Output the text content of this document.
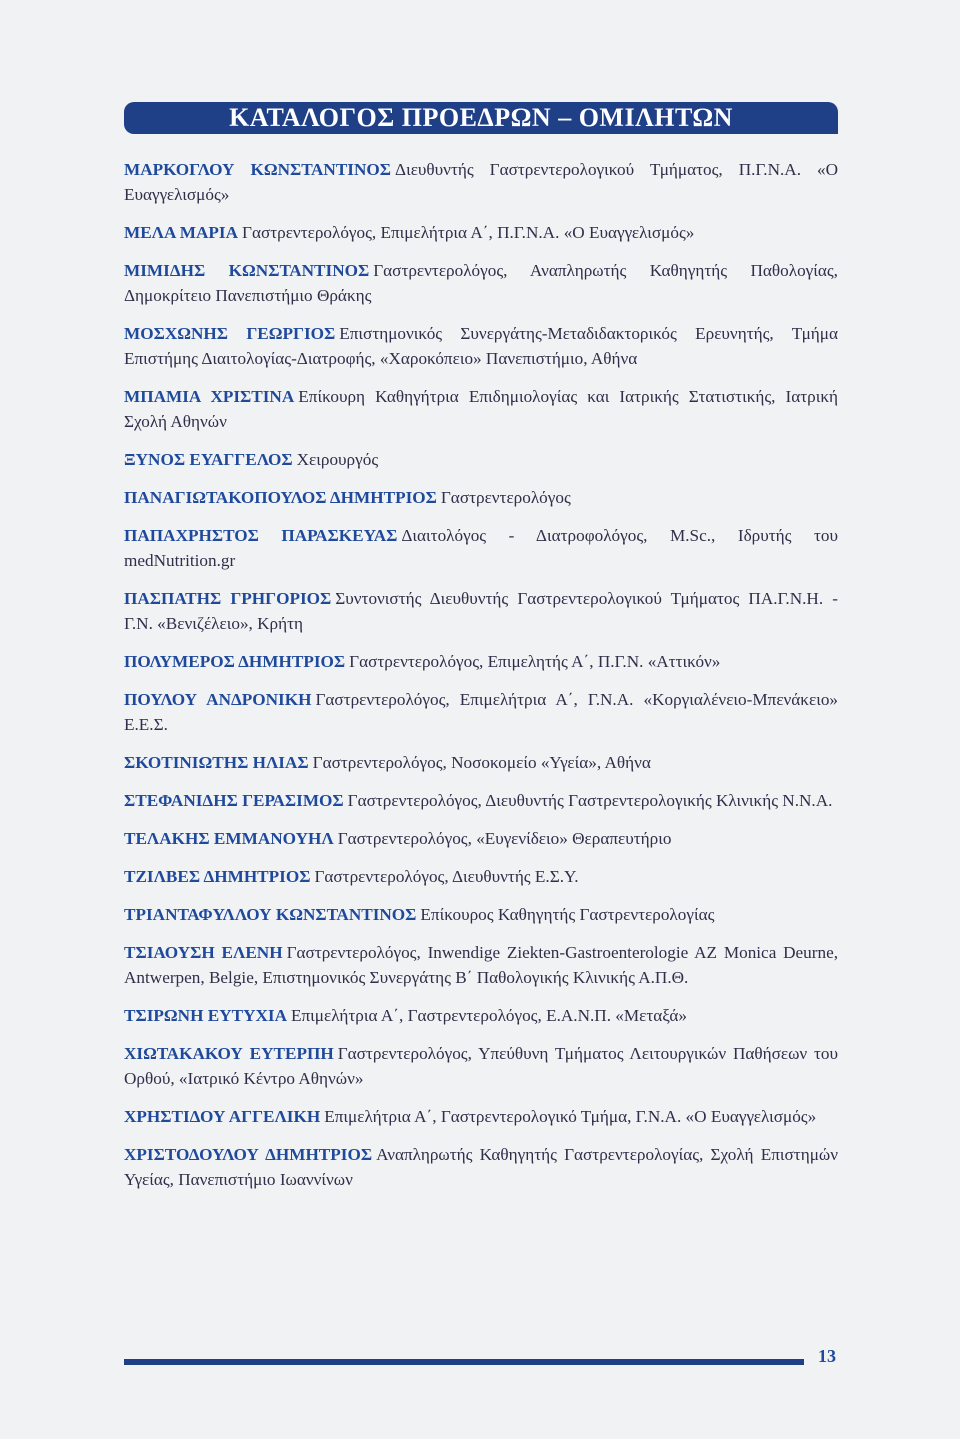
ΚΑΤΑΛΟΓΟΣ ΠΡΟΕΔΡΩΝ – ΟΜΙΛΗΤΩΝ
ΜΑΡΚΟΓΛΟΥ ΚΩΝΣΤΑΝΤΙΝΟΣ Διευθυντής Γαστρεντερολογικού Τμήματος, Π.Γ.Ν.Α. «Ο Ευαγγελισμός»
ΜΕΛΑ ΜΑΡΙΑ Γαστρεντερολόγος, Επιμελήτρια Α΄, Π.Γ.Ν.Α. «Ο Ευαγγελισμός»
ΜΙΜΙΔΗΣ ΚΩΝΣΤΑΝΤΙΝΟΣ Γαστρεντερολόγος, Αναπληρωτής Καθηγητής Παθολογίας, Δημοκρίτειο Πανεπιστήμιο Θράκης
ΜΟΣΧΩΝΗΣ ΓΕΩΡΓΙΟΣ Επιστημονικός Συνεργάτης-Μεταδιδακτορικός Ερευνητής, Τμήμα Επιστήμης Διαιτολογίας-Διατροφής, «Χαροκόπειο» Πανεπιστήμιο, Αθήνα
ΜΠΑΜΙΑ ΧΡΙΣΤΙΝΑ Επίκουρη Καθηγήτρια Επιδημιολογίας και Ιατρικής Στατιστικής, Ιατρική Σχολή Αθηνών
ΞΥΝΟΣ ΕΥΑΓΓΕΛΟΣ Χειρουργός
ΠΑΝΑΓΙΩΤΑΚΟΠΟΥΛΟΣ ΔΗΜΗΤΡΙΟΣ Γαστρεντερολόγος
ΠΑΠΑΧΡΗΣΤΟΣ ΠΑΡΑΣΚΕΥΑΣ Διαιτολόγος - Διατροφολόγος, M.Sc., Ιδρυτής του medNutrition.gr
ΠΑΣΠΑΤΗΣ ΓΡΗΓΟΡΙΟΣ Συντονιστής Διευθυντής Γαστρεντερολογικού Τμήματος ΠΑ.Γ.Ν.Η. - Γ.Ν. «Βενιζέλειο», Κρήτη
ΠΟΛΥΜΕΡΟΣ ΔΗΜΗΤΡΙΟΣ Γαστρεντερολόγος, Επιμελητής Α΄, Π.Γ.Ν. «Αττικόν»
ΠΟΥΛΟΥ ΑΝΔΡΟΝΙΚΗ Γαστρεντερολόγος, Επιμελήτρια Α΄, Γ.Ν.Α. «Κοργιαλένειο-Μπενάκειο» Ε.Ε.Σ.
ΣΚΟΤΙΝΙΩΤΗΣ ΗΛΙΑΣ Γαστρεντερολόγος, Νοσοκομείο «Υγεία», Αθήνα
ΣΤΕΦΑΝΙΔΗΣ ΓΕΡΑΣΙΜΟΣ Γαστρεντερολόγος, Διευθυντής Γαστρεντερολογικής Κλινικής Ν.Ν.Α.
ΤΕΛΑΚΗΣ ΕΜΜΑΝΟΥΗΛ Γαστρεντερολόγος, «Ευγενίδειο» Θεραπευτήριο
ΤΖΙΛΒΕΣ ΔΗΜΗΤΡΙΟΣ Γαστρεντερολόγος, Διευθυντής Ε.Σ.Υ.
ΤΡΙΑΝΤΑΦΥΛΛΟΥ ΚΩΝΣΤΑΝΤΙΝΟΣ Επίκουρος Καθηγητής Γαστρεντερολογίας
ΤΣΙΑΟΥΣΗ ΕΛΕΝΗ Γαστρεντερολόγος, Inwendige Ziekten-Gastroenterologie AZ Monica Deurne, Antwerpen, Belgie, Επιστημονικός Συνεργάτης Β΄ Παθολογικής Κλινικής Α.Π.Θ.
ΤΣΙΡΩΝΗ ΕΥΤΥΧΙΑ Επιμελήτρια Α΄, Γαστρεντερολόγος, Ε.Α.Ν.Π. «Μεταξά»
ΧΙΩΤΑΚΑΚΟΥ ΕΥΤΕΡΠΗ Γαστρεντερολόγος, Υπεύθυνη Τμήματος Λειτουργικών Παθήσεων του Ορθού, «Ιατρικό Κέντρο Αθηνών»
ΧΡΗΣΤΙΔΟΥ ΑΓΓΕΛΙΚΗ Επιμελήτρια Α΄, Γαστρεντερολογικό Τμήμα, Γ.Ν.Α. «Ο Ευαγγελισμός»
ΧΡΙΣΤΟΔΟΥΛΟΥ ΔΗΜΗΤΡΙΟΣ Αναπληρωτής Καθηγητής Γαστρεντερολογίας, Σχολή Επιστημών Υγείας, Πανεπιστήμιο Ιωαννίνων
13
